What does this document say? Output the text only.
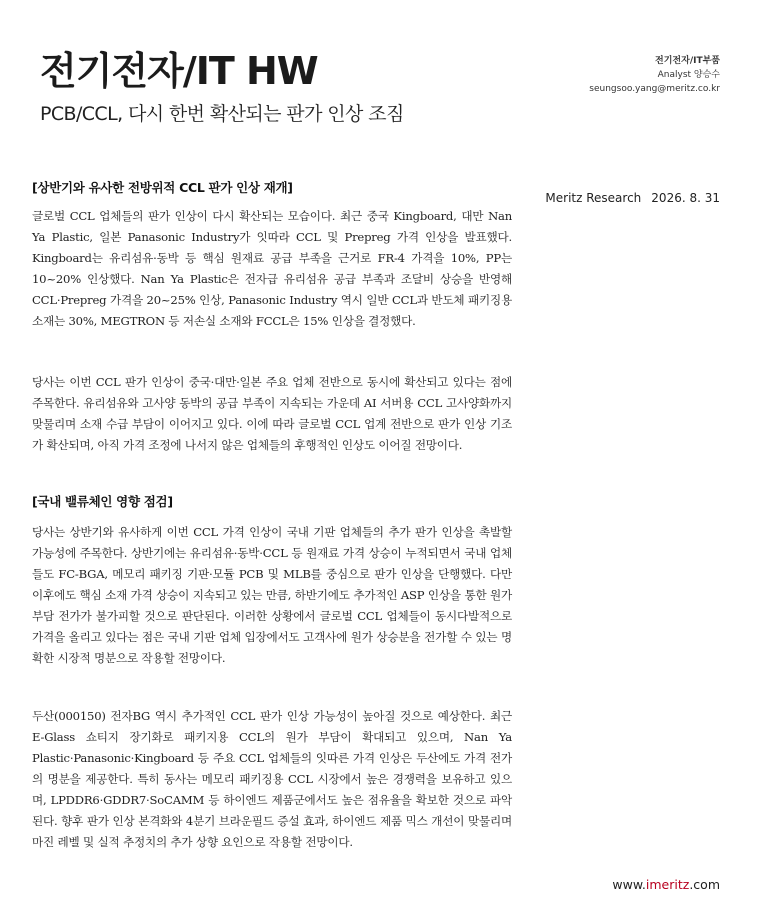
전기전자/IT HW
PCB/CCL, 다시 한번 확산되는 판가 인상 조짐
전기전자/IT부품
Analyst 양승수
seungsoo.yang@meritz.co.kr
Meritz Research 2026. 8. 31
[상반기와 유사한 전방위적 CCL 판가 인상 재개]

글로벌 CCL 업체들의 판가 인상이 다시 확산되는 모습이다. 최근 중국 Kingboard, 대만 Nan Ya Plastic, 일본 Panasonic Industry가 잇따라 CCL 및 Prepreg 가격 인상을 발표했다. Kingboard는 유리섬유·동박 등 핵심 원재료 공급 부족을 근거로 FR-4 가격을 10%, PP는 10~20% 인상했다. Nan Ya Plastic은 전자급 유리섬유 공급 부족과 조달비 상승을 반영해 CCL·Prepreg 가격을 20~25% 인상, Panasonic Industry 역시 일반 CCL과 반도체 패키징용 소재는 30%, MEGTRON 등 저손실 소재와 FCCL은 15% 인상을 결정했다.

당사는 이번 CCL 판가 인상이 중국·대만·일본 주요 업체 전반으로 동시에 확산되고 있다는 점에 주목한다. 유리섬유와 고사양 동박의 공급 부족이 지속되는 가운데 AI 서버용 CCL 고사양화까지 맞물리며 소재 수급 부담이 이어지고 있다. 이에 따라 글로벌 CCL 업계 전반으로 판가 인상 기조가 확산되며, 아직 가격 조정에 나서지 않은 업체들의 후행적인 인상도 이어질 전망이다.

[국내 밸류체인 영향 점검]

당사는 상반기와 유사하게 이번 CCL 가격 인상이 국내 기판 업체들의 추가 판가 인상을 촉발할 가능성에 주목한다. 상반기에는 유리섬유·동박·CCL 등 원재료 가격 상승이 누적되면서 국내 업체들도 FC-BGA, 메모리 패키징 기판·모듈 PCB 및 MLB를 중심으로 판가 인상을 단행했다. 다만 이후에도 핵심 소재 가격 상승이 지속되고 있는 만큼, 하반기에도 추가적인 ASP 인상을 통한 원가 부담 전가가 불가피할 것으로 판단된다. 이러한 상황에서 글로벌 CCL 업체들이 동시다발적으로 가격을 올리고 있다는 점은 국내 기판 업체 입장에서도 고객사에 원가 상승분을 전가할 수 있는 명확한 시장적 명분으로 작용할 전망이다.

두산(000150) 전자BG 역시 추가적인 CCL 판가 인상 가능성이 높아질 것으로 예상한다. 최근 E-Glass 쇼티지 장기화로 패키지용 CCL의 원가 부담이 확대되고 있으며, Nan Ya Plastic·Panasonic·Kingboard 등 주요 CCL 업체들의 잇따른 가격 인상은 두산에도 가격 전가의 명분을 제공한다. 특히 동사는 메모리 패키징용 CCL 시장에서 높은 경쟁력을 보유하고 있으며, LPDDR6·GDDR7·SoCAMM 등 하이엔드 제품군에서도 높은 점유율을 확보한 것으로 파악된다. 향후 판가 인상 본격화와 4분기 브라운필드 증설 효과, 하이엔드 제품 믹스 개선이 맞물리며 마진 레벨 및 실적 추정치의 추가 상향 요인으로 작용할 전망이다.

www.imeritz.com
